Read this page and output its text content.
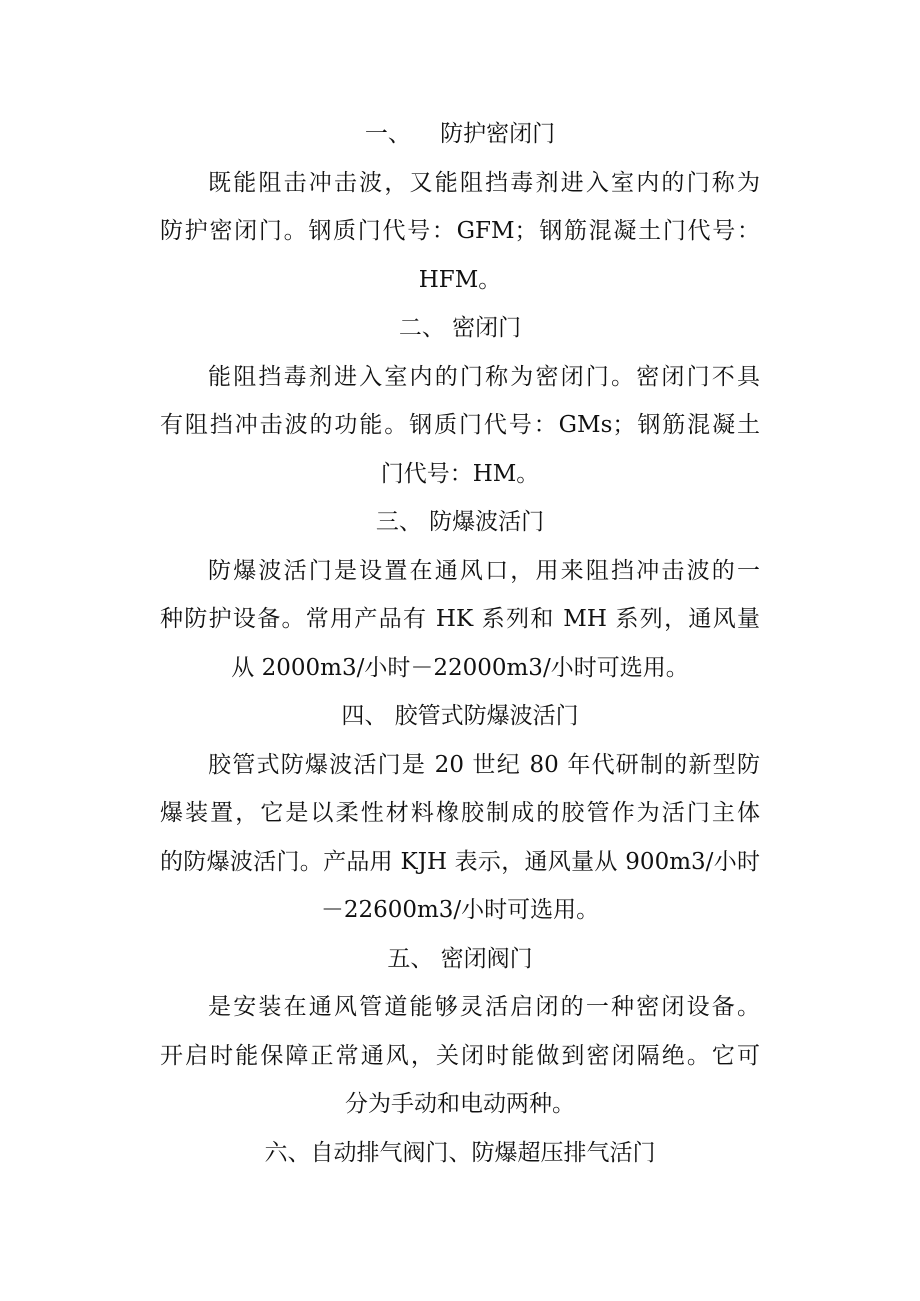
一、    防护密闭门

既能阻击冲击波，又能阻挡毒剂进入室内的门称为
防护密闭门。钢质门代号：GFM；钢筋混凝土门代号：
HFM。

二、 密闭门

能阻挡毒剂进入室内的门称为密闭门。密闭门不具
有阻挡冲击波的功能。钢质门代号：GMs；钢筋混凝土
门代号：HM。

三、 防爆波活门

防爆波活门是设置在通风口，用来阻挡冲击波的一
种防护设备。常用产品有 HK 系列和 MH 系列，通风量
从 2000m3/小时－22000m3/小时可选用。

四、 胶管式防爆波活门

胶管式防爆波活门是 20 世纪 80 年代研制的新型防
爆装置，它是以柔性材料橡胶制成的胶管作为活门主体
的防爆波活门。产品用 KJH 表示，通风量从 900m3/小时
－22600m3/小时可选用。

五、 密闭阀门

是安装在通风管道能够灵活启闭的一种密闭设备。
开启时能保障正常通风，关闭时能做到密闭隔绝。它可
分为手动和电动两种。

六、自动排气阀门、防爆超压排气活门
